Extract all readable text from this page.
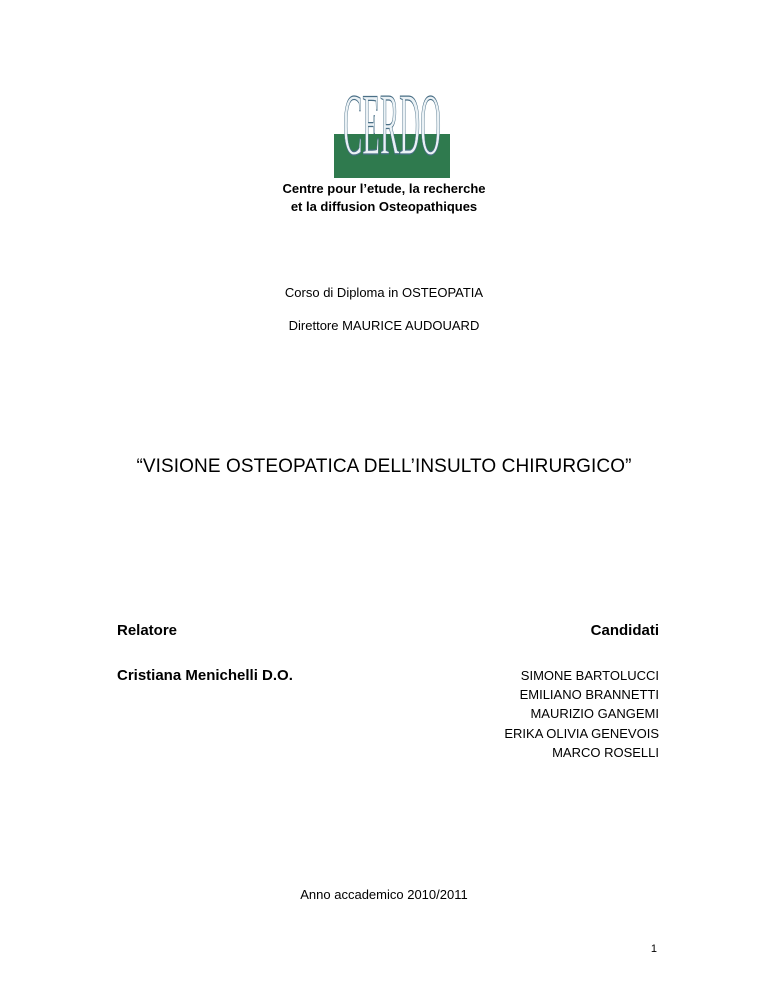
CERDO
Centre pour l’etude, la recherche
et la diffusion Osteopathiques
Corso di Diploma in OSTEOPATIA
Direttore MAURICE AUDOUARD
“VISIONE OSTEOPATICA DELL’INSULTO CHIRURGICO”
Relatore	Candidati
Cristiana Menichelli D.O.	SIMONE BARTOLUCCI
EMILIANO BRANNETTI
MAURIZIO GANGEMI
ERIKA OLIVIA GENEVOIS
MARCO ROSELLI
Anno accademico 2010/2011
1
